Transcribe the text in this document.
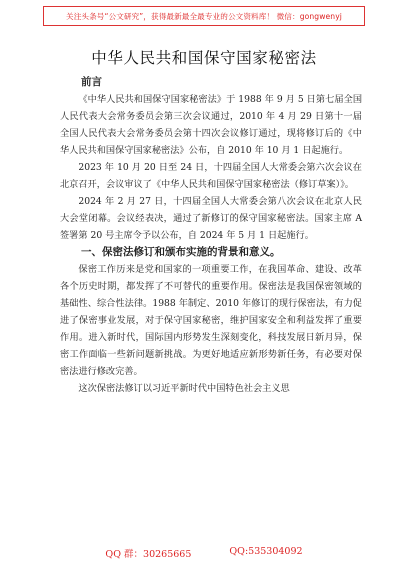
关注头条号“公文研究”，获得最新最全最专业的公文资料库！ 微信：gongwenyj
中华人民共和国保守国家秘密法
前言

《中华人民共和国保守国家秘密法》于 1988 年 9 月 5 日第七届全国人民代表大会常务委员会第三次会议通过，2010 年 4 月 29 日第十一届全国人民代表大会常务委员会第十四次会议修订通过，现将修订后的《中华人民共和国保守国家秘密法》公布，自 2010 年 10 月 1 日起施行。

2023 年 10 月 20 日至 24 日，十四届全国人大常委会第六次会议在北京召开，会议审议了《中华人民共和国保守国家秘密法（修订草案）》。

2024 年 2 月 27 日，十四届全国人大常委会第八次会议在北京人民大会堂闭幕。会议经表决，通过了新修订的保守国家秘密法。国家主席 A 签署第 20 号主席令予以公布，自 2024 年 5 月 1 日起施行。

一、保密法修订和颁布实施的背景和意义。

保密工作历来是党和国家的一项重要工作，在我国革命、建设、改革各个历史时期，都发挥了不可替代的重要作用。保密法是我国保密领域的基础性、综合性法律。1988 年制定、2010 年修订的现行保密法，有力促进了保密事业发展，对于保守国家秘密，维护国家安全和利益发挥了重要作用。进入新时代，国际国内形势发生深刻变化，科技发展日新月异，保密工作面临一些新问题新挑战。为更好地适应新形势新任务，有必要对保密法进行修改完善。

这次保密法修订以习近平新时代中国特色社会主义思

QQ 群：30265665	QQ:535304092
